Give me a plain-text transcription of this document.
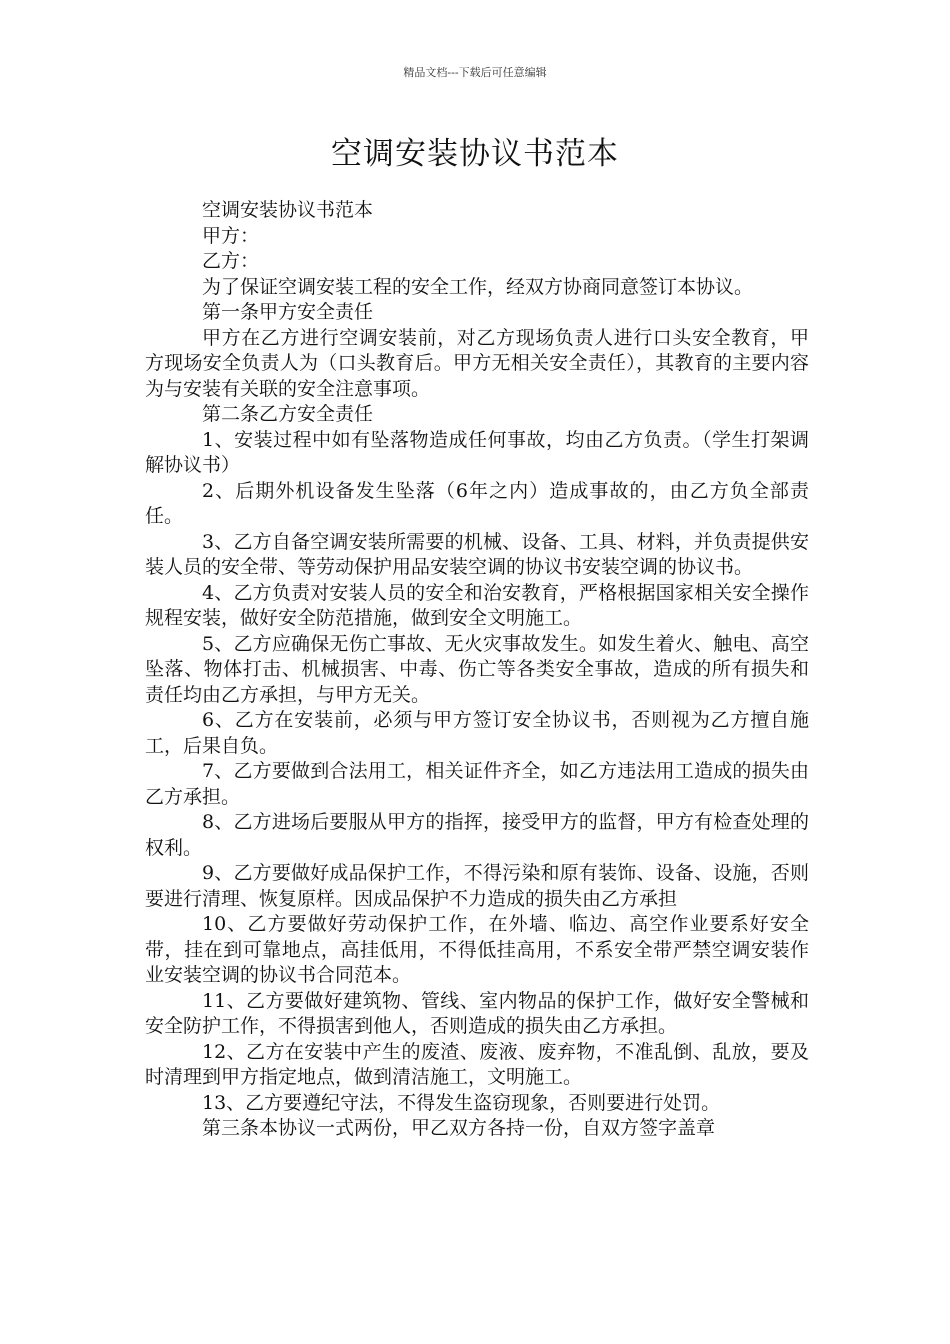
精品文档---下载后可任意编辑
空调安装协议书范本

空调安装协议书范本

甲方：

乙方：

为了保证空调安装工程的安全工作，经双方协商同意签订本协议。

第一条甲方安全责任

甲方在乙方进行空调安装前，对乙方现场负责人进行口头安全教育，甲方现场安全负责人为（口头教育后。甲方无相关安全责任），其教育的主要内容为与安装有关联的安全注意事项。

第二条乙方安全责任

1、安装过程中如有坠落物造成任何事故，均由乙方负责。（学生打架调解协议书）

2、后期外机设备发生坠落（6年之内）造成事故的，由乙方负全部责任。

3、乙方自备空调安装所需要的机械、设备、工具、材料，并负责提供安装人员的安全带、等劳动保护用品安装空调的协议书安装空调的协议书。

4、乙方负责对安装人员的安全和治安教育，严格根据国家相关安全操作规程安装，做好安全防范措施，做到安全文明施工。

5、乙方应确保无伤亡事故、无火灾事故发生。如发生着火、触电、高空坠落、物体打击、机械损害、中毒、伤亡等各类安全事故，造成的所有损失和责任均由乙方承担，与甲方无关。

6、乙方在安装前，必须与甲方签订安全协议书，否则视为乙方擅自施工，后果自负。

7、乙方要做到合法用工，相关证件齐全，如乙方违法用工造成的损失由乙方承担。

8、乙方进场后要服从甲方的指挥，接受甲方的监督，甲方有检查处理的权利。

9、乙方要做好成品保护工作，不得污染和原有装饰、设备、设施，否则要进行清理、恢复原样。因成品保护不力造成的损失由乙方承担

10、乙方要做好劳动保护工作，在外墙、临边、高空作业要系好安全带，挂在到可靠地点，高挂低用，不得低挂高用，不系安全带严禁空调安装作业安装空调的协议书合同范本。

11、乙方要做好建筑物、管线、室内物品的保护工作，做好安全警械和安全防护工作，不得损害到他人，否则造成的损失由乙方承担。

12、乙方在安装中产生的废渣、废液、废弃物，不准乱倒、乱放，要及时清理到甲方指定地点，做到清洁施工，文明施工。

13、乙方要遵纪守法，不得发生盗窃现象，否则要进行处罚。

第三条本协议一式两份，甲乙双方各持一份，自双方签字盖章
